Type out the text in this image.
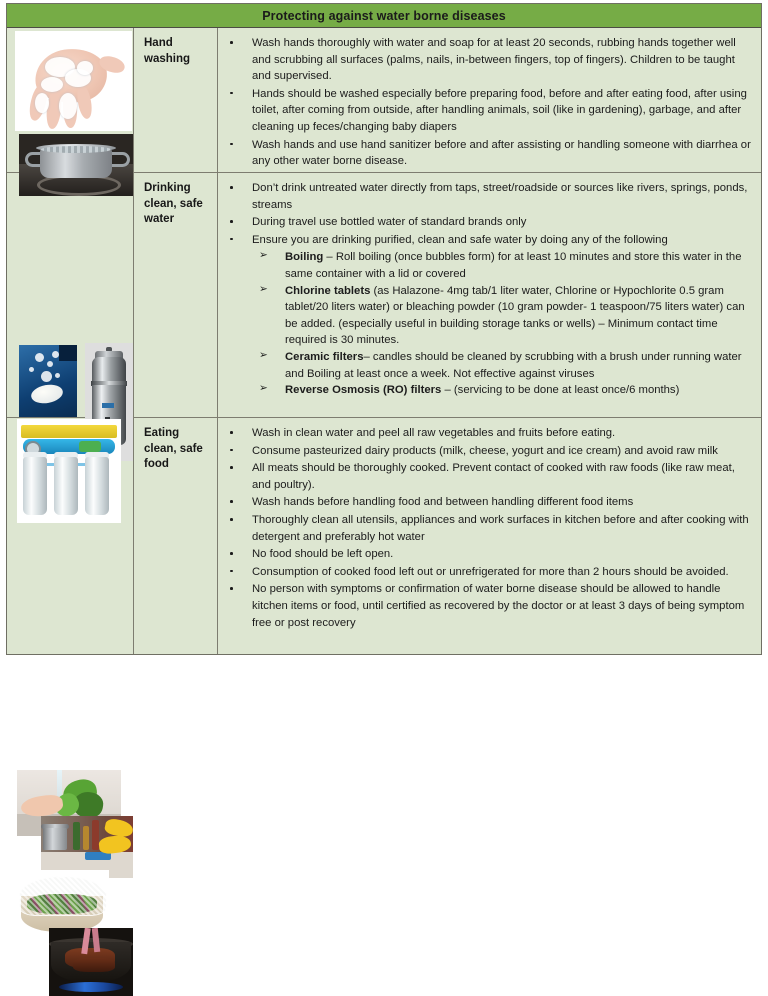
Protecting against water borne diseases
Hand washing
Wash hands thoroughly with water and soap for at least 20 seconds, rubbing hands together well and scrubbing all surfaces (palms, nails, in-between fingers, top of fingers). Children to be taught and supervised.
Hands should be washed especially before preparing food, before and after eating food, after using toilet, after coming from outside, after handling animals, soil (like in gardening), garbage, and after cleaning up feces/changing baby diapers
Wash hands and use hand sanitizer before and after assisting or handling someone with diarrhea or any other water borne disease.
Drinking clean, safe water
Don’t drink untreated water directly from taps, street/roadside or sources like rivers, springs, ponds, streams
During travel use bottled water of standard brands only
Ensure you are drinking purified, clean and safe water by doing any of the following
➢ Boiling – Roll boiling (once bubbles form) for at least 10 minutes and store this water in the same container with a lid or covered
➢ Chlorine tablets (as Halazone- 4mg tab/1 liter water, Chlorine or Hypochlorite 0.5 gram tablet/20 liters water) or bleaching powder (10 gram powder- 1 teaspoon/75 liters water) can be added. (especially useful in building storage tanks or wells) – Minimum contact time required is 30 minutes.
➢ Ceramic filters– candles should be cleaned by scrubbing with a brush under running water and Boiling at least once a week. Not effective against viruses
➢ Reverse Osmosis (RO) filters – (servicing to be done at least once/6 months)
Eating clean, safe food
Wash in clean water and peel all raw vegetables and fruits before eating.
Consume pasteurized dairy products (milk, cheese, yogurt and ice cream) and avoid raw milk
All meats should be thoroughly cooked. Prevent contact of cooked with raw foods (like raw meat, and poultry).
Wash hands before handling food and between handling different food items
Thoroughly clean all utensils, appliances and work surfaces in kitchen before and after cooking with detergent and preferably hot water
No food should be left open.
Consumption of cooked food left out or unrefrigerated for more than 2 hours should be avoided.
No person with symptoms or confirmation of water borne disease should be allowed to handle kitchen items or food, until certified as recovered by the doctor or at least 3 days of being symptom free or post recovery
